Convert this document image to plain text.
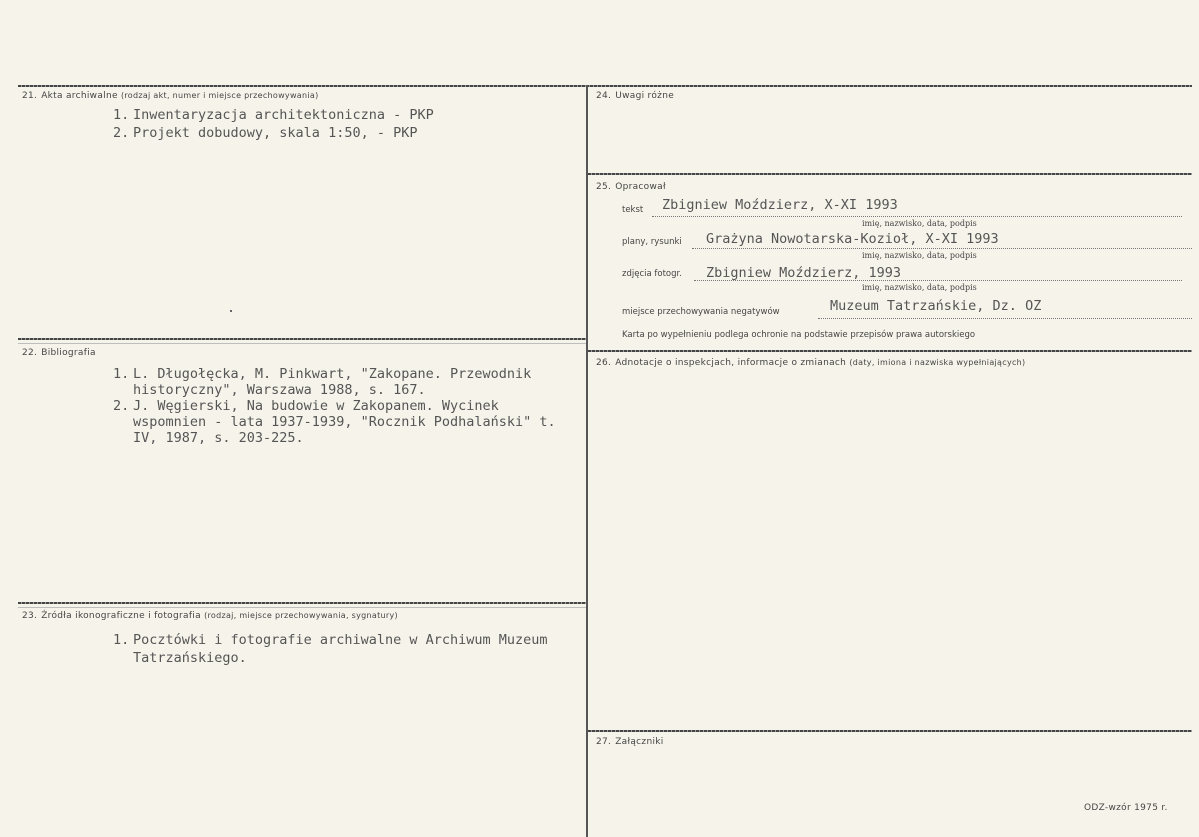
21. Akta archiwalne (rodzaj akt, numer i miejsce przechowywania)
1. Inwentaryzacja architektoniczna - PKP
2. Projekt dobudowy, skala 1:50, - PKP
22. Bibliografia
1. L. Długołęcka, M. Pinkwart, "Zakopane. Przewodnik
historyczny", Warszawa 1988, s. 167.
2. J. Węgierski, Na budowie w Zakopanem. Wycinek
wspomnien - lata 1937-1939, "Rocznik Podhalański" t.
IV, 1987, s. 203-225.
23. Źródła ikonograficzne i fotografia (rodzaj, miejsce przechowywania, sygnatury)
1. Pocztówki i fotografie archiwalne w Archiwum Muzeum
Tatrzańskiego.
24. Uwagi różne
25. Opracował
tekst Zbigniew Moździerz, X-XI 1993
imię, nazwisko, data, podpis
plany, rysunki Grażyna Nowotarska-Kozioł, X-XI 1993
imię, nazwisko, data, podpis
zdjęcia fotogr. Zbigniew Moździerz, 1993
imię, nazwisko, data, podpis
miejsce przechowywania negatywów	Muzeum Tatrzańskie, Dz. OZ
Karta po wypełnieniu podlega ochronie na podstawie przepisów prawa autorskiego
26. Adnotacje o inspekcjach, informacje o zmianach (daty, imiona i nazwiska wypełniających)
27. Załączniki
ODZ-wzór 1975 r.
